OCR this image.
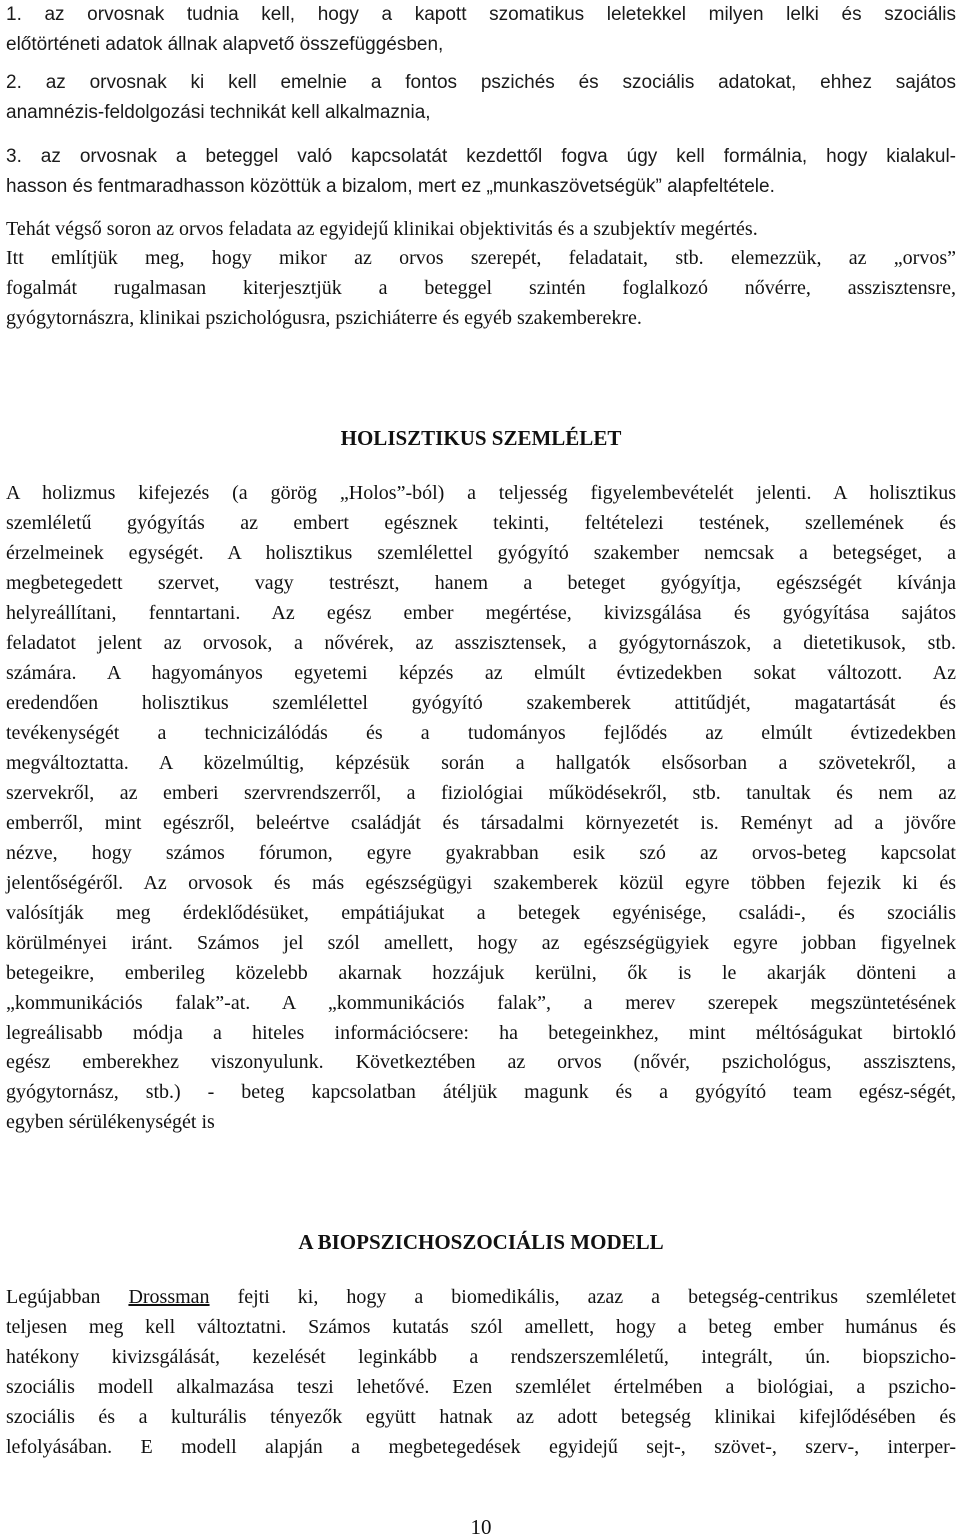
1. az orvosnak tudnia kell, hogy a kapott szomatikus leletekkel milyen lelki és szociális
előtörténeti adatok állnak alapvető összefüggésben,
2. az orvosnak ki kell emelnie a fontos pszichés és szociális adatokat, ehhez sajátos
anamnézis-feldolgozási technikát kell alkalmaznia,
3. az orvosnak a beteggel való kapcsolatát kezdettől fogva úgy kell formálnia, hogy kialakul-
hasson és fentmaradhasson közöttük a bizalom, mert ez „munkaszövetségük” alapfeltétele.
Tehát végső soron az orvos feladata az egyidejű klinikai objektivitás és a szubjektív megértés.
Itt említjük meg, hogy mikor az orvos szerepét, feladatait, stb. elemezzük, az „orvos”
fogalmát rugalmasan kiterjesztjük a beteggel szintén foglalkozó nővérre, asszisztensre,
gyógytornászra, klinikai pszichológusra, pszichiáterre és egyéb szakemberekre.
HOLISZTIKUS SZEMLÉLET
A holizmus kifejezés (a görög „Holos”-ból) a teljesség figyelembevételét jelenti. A holisztikus
szemléletű gyógyítás az embert egésznek tekinti, feltételezi testének, szellemének és
érzelmeinek egységét. A holisztikus szemlélettel gyógyító szakember nemcsak a betegséget, a
megbetegedett szervet, vagy testrészt, hanem a beteget gyógyítja, egészségét kívánja
helyreállítani, fenntartani. Az egész ember megértése, kivizsgálása és gyógyítása sajátos
feladatot jelent az orvosok, a nővérek, az asszisztensek, a gyógytornászok, a dietetikusok, stb.
számára. A hagyományos egyetemi képzés az elmúlt évtizedekben sokat változott. Az
eredendően holisztikus szemlélettel gyógyító szakemberek attitűdjét, magatartását és
tevékenységét a technicizálódás és a tudományos fejlődés az elmúlt évtizedekben
megváltoztatta. A közelmúltig, képzésük során a hallgatók elsősorban a szövetekről, a
szervekről, az emberi szervrendszerről, a fiziológiai működésekről, stb. tanultak és nem az
emberről, mint egészről, beleértve családját és társadalmi környezetét is. Reményt ad a jövőre
nézve, hogy számos fórumon, egyre gyakrabban esik szó az orvos-beteg kapcsolat
jelentőségéről. Az orvosok és más egészségügyi szakemberek közül egyre többen fejezik ki és
valósítják meg érdeklődésüket, empátiájukat a betegek egyénisége, családi-, és szociális
körülményei iránt. Számos jel szól amellett, hogy az egészségügyiek egyre jobban figyelnek
betegeikre, emberileg közelebb akarnak hozzájuk kerülni, ők is le akarják dönteni a
„kommunikációs falak”-at. A „kommunikációs falak”, a merev szerepek megszüntetésének
legreálisabb módja a hiteles információcsere: ha betegeinkhez, mint méltóságukat birtokló
egész emberekhez viszonyulunk. Következtében az orvos (nővér, pszichológus, asszisztens,
gyógytornász, stb.) - beteg kapcsolatban átéljük magunk és a gyógyító team egész-ségét,
egyben sérülékenységét is
A BIOPSZICHOSZOCIÁLIS MODELL
Legújabban Drossman fejti ki, hogy a biomedikális, azaz a betegség-centrikus szemléletet
teljesen meg kell változtatni. Számos kutatás szól amellett, hogy a beteg ember humánus és
hatékony kivizsgálását, kezelését leginkább a rendszerszemléletű, integrált, ún. biopszicho-
szociális modell alkalmazása teszi lehetővé. Ezen szemlélet értelmében a biológiai, a pszicho-
szociális és a kulturális tényezők együtt hatnak az adott betegség klinikai kifejlődésében és
lefolyásában. E modell alapján a megbetegedések egyidejű sejt-, szövet-, szerv-, interper-
10
